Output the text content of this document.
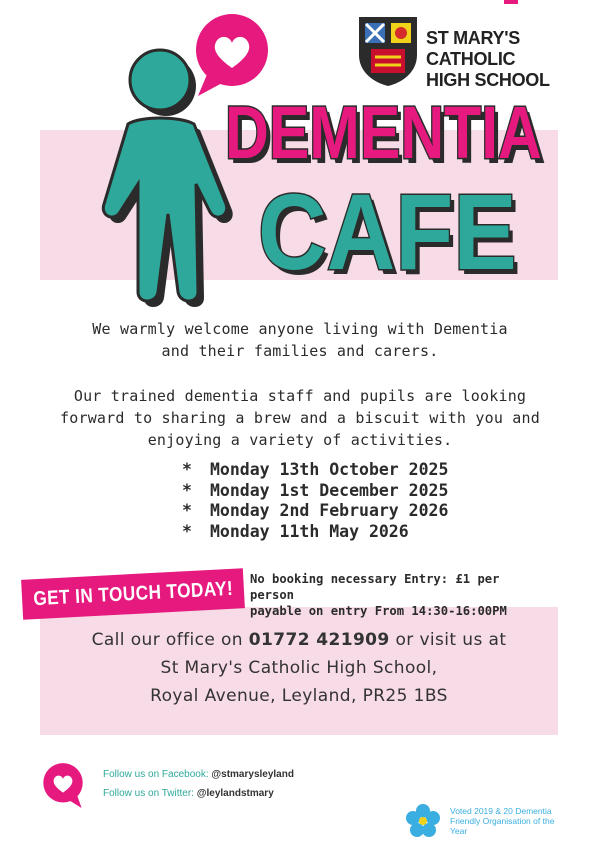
ST MARY'S CATHOLIC
HIGH SCHOOL
DEMENTIA
CAFE
We warmly welcome anyone living with Dementia
and their families and carers.
Our trained dementia staff and pupils are looking
forward to sharing a brew and a biscuit with you and
enjoying a variety of activities.
*	Monday 13th October 2025
*	Monday 1st December 2025
*	Monday 2nd February 2026
*	Monday 11th May 2026
GET IN TOUCH TODAY! No booking necessary Entry: £1 per person
payable on entry From 14:30-16:00PM
Call our office on 01772 421909 or visit us at
St Mary's Catholic High School,
Royal Avenue, Leyland, PR25 1BS
Follow us on Facebook: @stmarysleyland
Follow us on Twitter: @leylandstmary
Voted 2019 & 20 Dementia
Friendly Organisation of the
Year
